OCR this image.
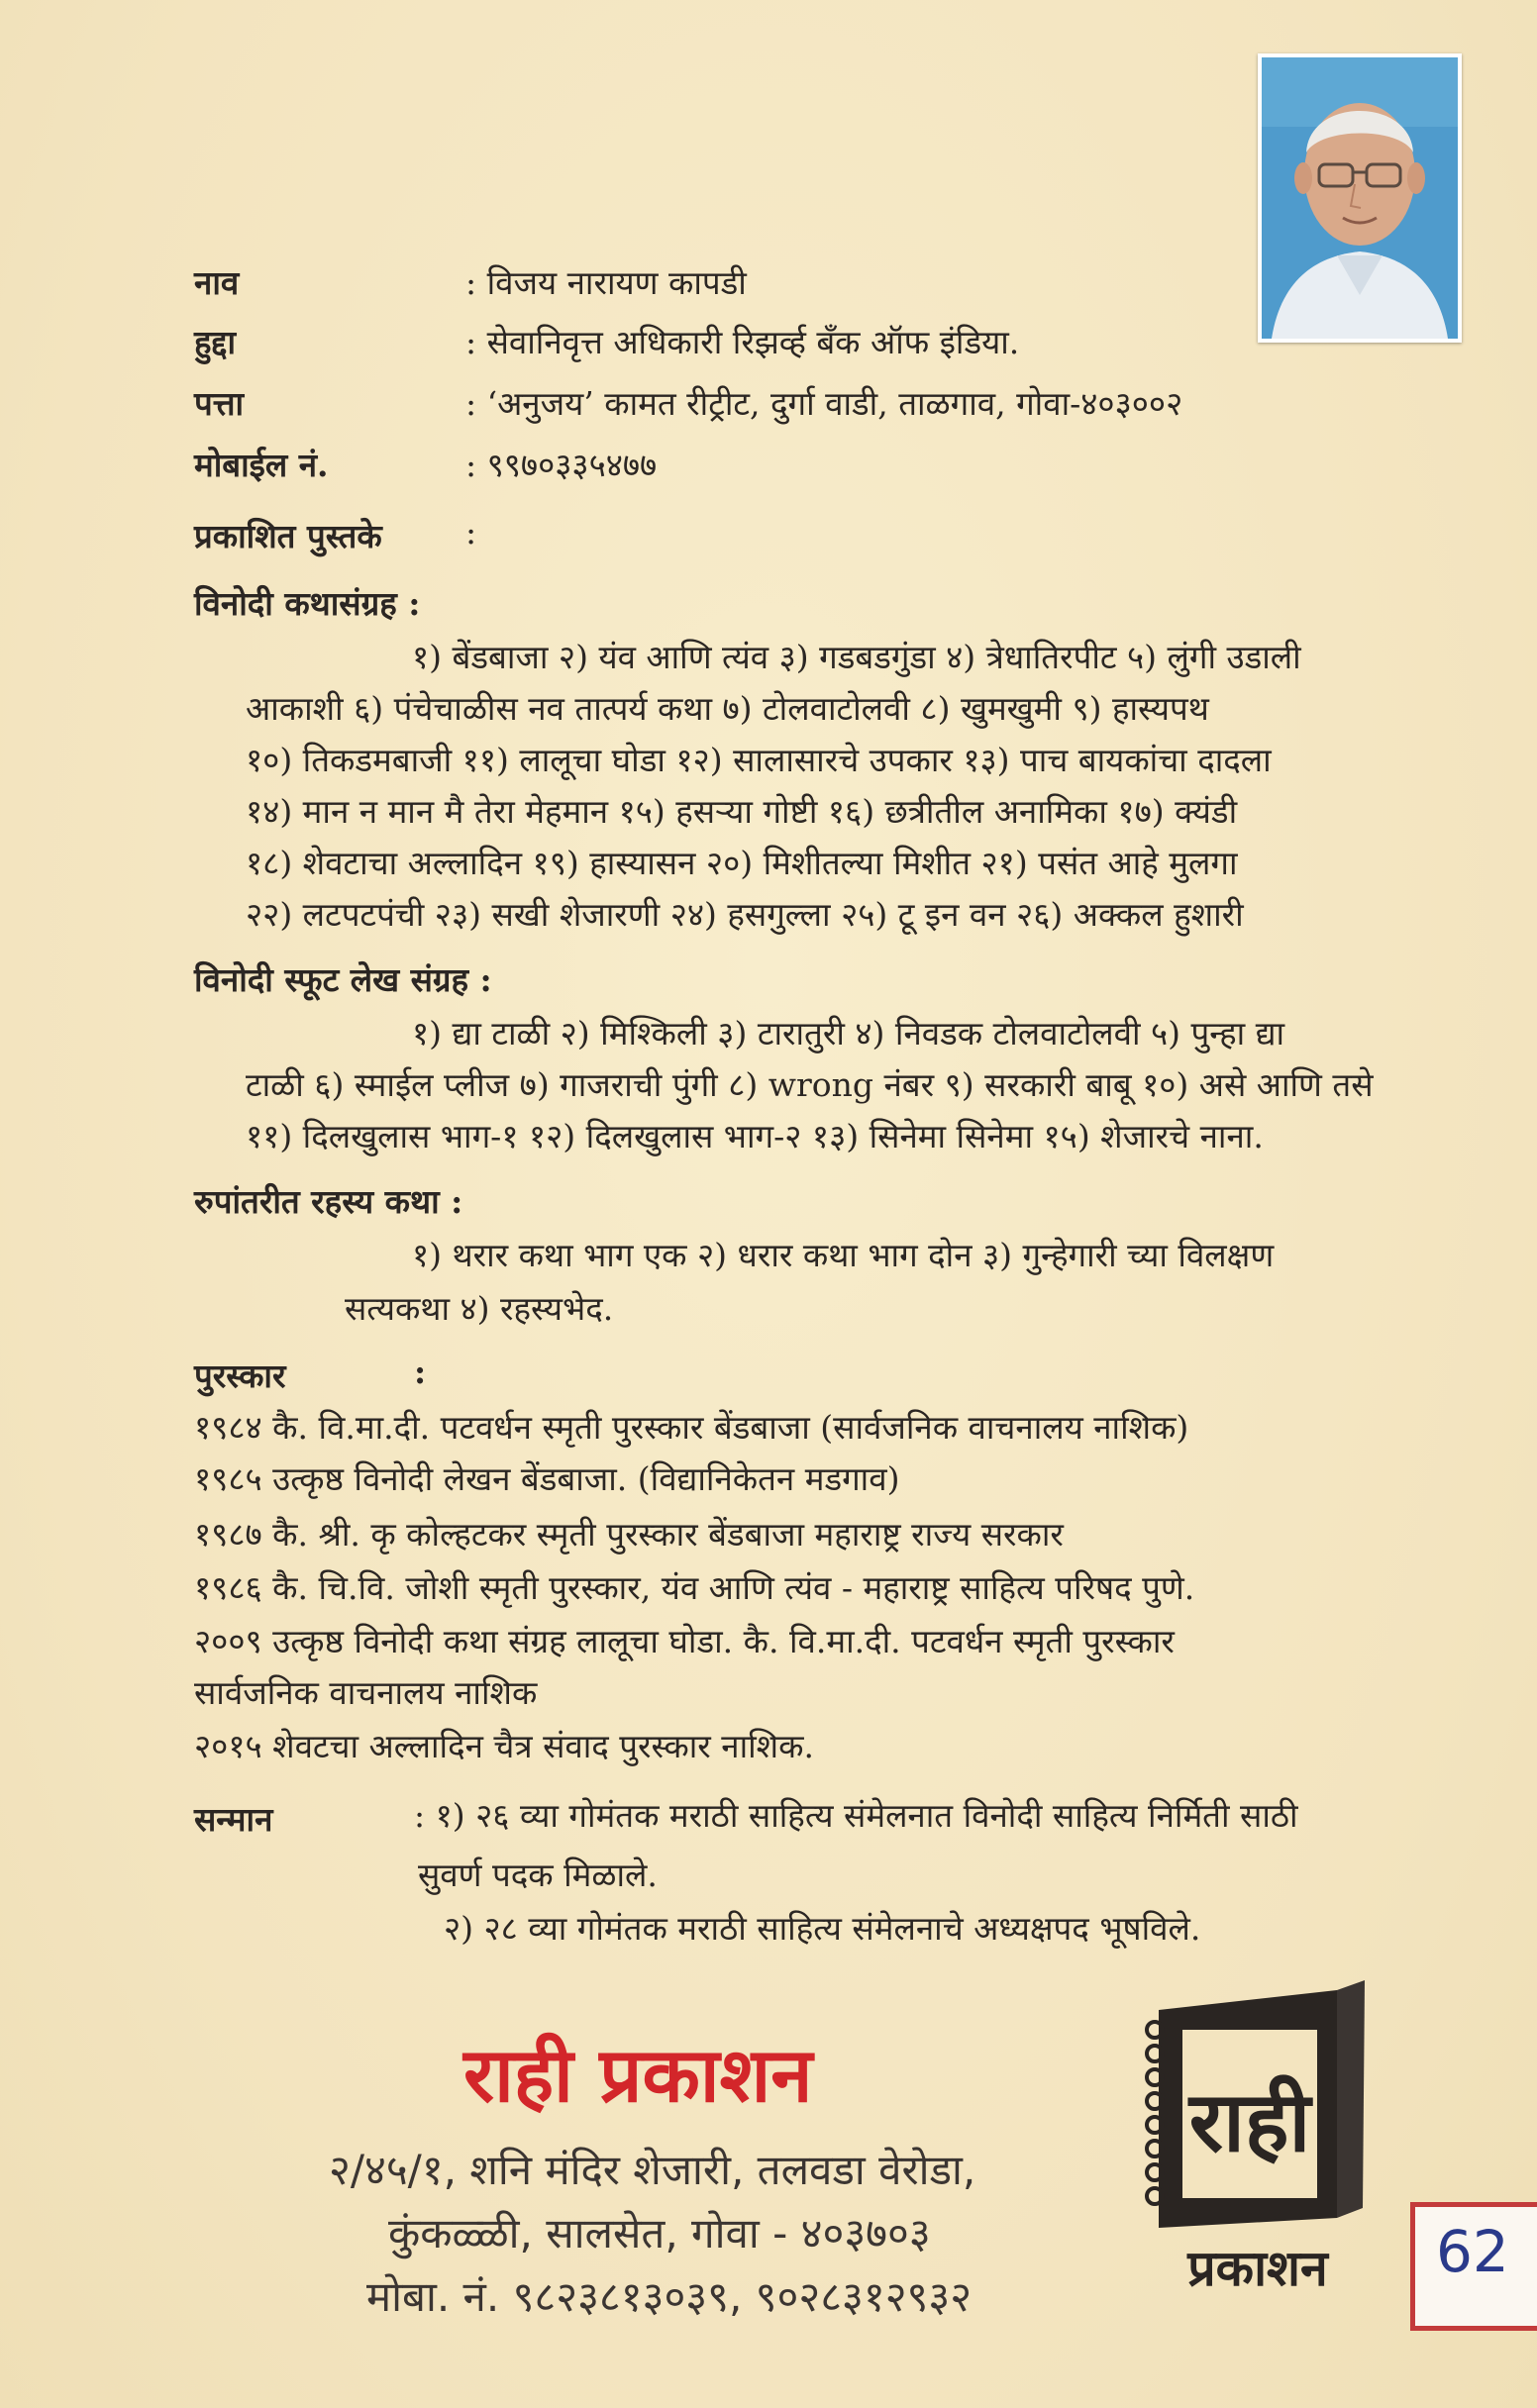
नाव	: विजय नारायण कापडी
हुद्दा	: सेवानिवृत्त अधिकारी रिझर्व्ह बँक ऑफ इंडिया.
पत्ता	: ‘अनुजय’ कामत रीट्रीट, दुर्गा वाडी, ताळगाव, गोवा-४०३००२
मोबाईल नं.	: ९९७०३३५४७७
प्रकाशित पुस्तके	:
विनोदी कथासंग्रह :
१) बेंडबाजा २) यंव आणि त्यंव ३) गडबडगुंडा ४) त्रेधातिरपीट ५) लुंगी उडाली
आकाशी ६) पंचेचाळीस नव तात्पर्य कथा ७) टोलवाटोलवी ८) खुमखुमी ९) हास्यपथ
१०) तिकडमबाजी ११) लालूचा घोडा १२) सालासारचे उपकार १३) पाच बायकांचा दादला
१४) मान न मान मै तेरा मेहमान १५) हसऱ्या गोष्टी १६) छत्रीतील अनामिका १७) क्यंडी
१८) शेवटाचा अल्लादिन १९) हास्यासन २०) मिशीतल्या मिशीत २१) पसंत आहे मुलगा
२२) लटपटपंची २३) सखी शेजारणी २४) हसगुल्ला २५) टू इन वन २६) अक्कल हुशारी
विनोदी स्फूट लेख संग्रह :
१) द्या टाळी २) मिश्किली ३) टारातुरी ४) निवडक टोलवाटोलवी ५) पुन्हा द्या
टाळी ६) स्माईल प्लीज ७) गाजराची पुंगी ८) wrong नंबर ९) सरकारी बाबू १०) असे आणि तसे
११) दिलखुलास भाग-१ १२) दिलखुलास भाग-२ १३) सिनेमा सिनेमा १५) शेजारचे नाना.
रुपांतरीत रहस्य कथा :
१) थरार कथा भाग एक २) धरार कथा भाग दोन ३) गुन्हेगारी च्या विलक्षण
सत्यकथा ४) रहस्यभेद.
पुरस्कार	:
१९८४ कै. वि.मा.दी. पटवर्धन स्मृती पुरस्कार बेंडबाजा (सार्वजनिक वाचनालय नाशिक)
१९८५ उत्कृष्ठ विनोदी लेखन बेंडबाजा. (विद्यानिकेतन मडगाव)
१९८७ कै. श्री. कृ कोल्हटकर स्मृती पुरस्कार बेंडबाजा महाराष्ट्र राज्य सरकार
१९८६ कै. चि.वि. जोशी स्मृती पुरस्कार, यंव आणि त्यंव - महाराष्ट्र साहित्य परिषद पुणे.
२००९ उत्कृष्ठ विनोदी कथा संग्रह लालूचा घोडा. कै. वि.मा.दी. पटवर्धन स्मृती पुरस्कार
सार्वजनिक वाचनालय नाशिक
२०१५ शेवटचा अल्लादिन चैत्र संवाद पुरस्कार नाशिक.
सन्मान	: १) २६ व्या गोमंतक मराठी साहित्य संमेलनात विनोदी साहित्य निर्मिती साठी
सुवर्ण पदक मिळाले.
२) २८ व्या गोमंतक मराठी साहित्य संमेलनाचे अध्यक्षपद भूषविले.
राही प्रकाशन
२/४५/१, शनि मंदिर शेजारी, तलवडा वेरोडा,
कुंकळ्ळी, सालसेत, गोवा - ४०३७०३
मोबा. नं. ९८२३८१३०३९, ९०२८३१२९३२
राही
प्रकाशन 62
